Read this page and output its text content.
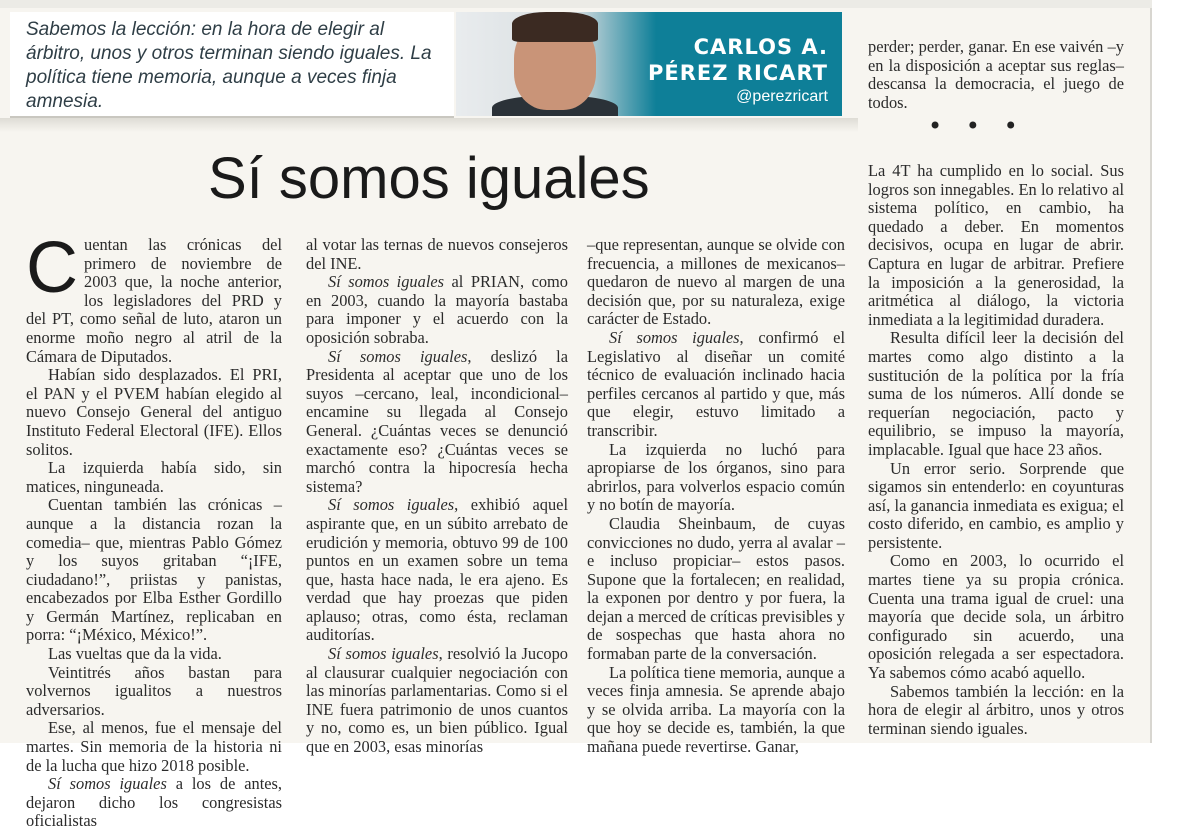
Sabemos la lección: en la hora de elegir al árbitro, unos y otros terminan siendo iguales. La política tiene memoria, aunque a veces finja amnesia.

CARLOS A.
PÉREZ RICART
@perezricart
Sí somos iguales

Cuentan las crónicas del primero de noviembre de 2003 que, la noche anterior, los legisladores del PRD y del PT, como señal de luto, ataron un enorme moño negro al atril de la Cámara de Diputados.

Habían sido desplazados. El PRI, el PAN y el PVEM habían elegido al nuevo Consejo General del antiguo Instituto Federal Electoral (IFE). Ellos solitos.

La izquierda había sido, sin matices, ninguneada.

Cuentan también las crónicas –aunque a la distancia rozan la comedia– que, mientras Pablo Gómez y los suyos gritaban “¡IFE, ciudadano!”, priistas y panistas, encabezados por Elba Esther Gordillo y Germán Martínez, replicaban en porra: “¡México, México!”.

Las vueltas que da la vida.

Veintitrés años bastan para volvernos igualitos a nuestros adversarios.

Ese, al menos, fue el mensaje del martes. Sin memoria de la historia ni de la lucha que hizo 2018 posible.

Sí somos iguales a los de antes, dejaron dicho los congresistas oficialistas

al votar las ternas de nuevos consejeros del INE.

Sí somos iguales al PRIAN, como en 2003, cuando la mayoría bastaba para imponer y el acuerdo con la oposición sobraba.

Sí somos iguales, deslizó la Presidenta al aceptar que uno de los suyos –cercano, leal, incondicional– encamine su llegada al Consejo General. ¿Cuántas veces se denunció exactamente eso? ¿Cuántas veces se marchó contra la hipocresía hecha sistema?

Sí somos iguales, exhibió aquel aspirante que, en un súbito arrebato de erudición y memoria, obtuvo 99 de 100 puntos en un examen sobre un tema que, hasta hace nada, le era ajeno. Es verdad que hay proezas que piden aplauso; otras, como ésta, reclaman auditorías.

Sí somos iguales, resolvió la Jucopo al clausurar cualquier negociación con las minorías parlamentarias. Como si el INE fuera patrimonio de unos cuantos y no, como es, un bien público. Igual que en 2003, esas minorías

–que representan, aunque se olvide con frecuencia, a millones de mexicanos– quedaron de nuevo al margen de una decisión que, por su naturaleza, exige carácter de Estado.

Sí somos iguales, confirmó el Legislativo al diseñar un comité técnico de evaluación inclinado hacia perfiles cercanos al partido y que, más que elegir, estuvo limitado a transcribir.

La izquierda no luchó para apropiarse de los órganos, sino para abrirlos, para volverlos espacio común y no botín de mayoría.

Claudia Sheinbaum, de cuyas convicciones no dudo, yerra al avalar –e incluso propiciar– estos pasos. Supone que la fortalecen; en realidad, la exponen por dentro y por fuera, la dejan a merced de críticas previsibles y de sospechas que hasta ahora no formaban parte de la conversación.

La política tiene memoria, aunque a veces finja amnesia. Se aprende abajo y se olvida arriba. La mayoría con la que hoy se decide es, también, la que mañana puede revertirse. Ganar,

perder; perder, ganar. En ese vaivén –y en la disposición a aceptar sus reglas– descansa la democracia, el juego de todos.

• • •

La 4T ha cumplido en lo social. Sus logros son innegables. En lo relativo al sistema político, en cambio, ha quedado a deber. En momentos decisivos, ocupa en lugar de abrir. Captura en lugar de arbitrar. Prefiere la imposición a la generosidad, la aritmética al diálogo, la victoria inmediata a la legitimidad duradera.

Resulta difícil leer la decisión del martes como algo distinto a la sustitución de la política por la fría suma de los números. Allí donde se requerían negociación, pacto y equilibrio, se impuso la mayoría, implacable. Igual que hace 23 años.

Un error serio. Sorprende que sigamos sin entenderlo: en coyunturas así, la ganancia inmediata es exigua; el costo diferido, en cambio, es amplio y persistente.

Como en 2003, lo ocurrido el martes tiene ya su propia crónica. Cuenta una trama igual de cruel: una mayoría que decide sola, un árbitro configurado sin acuerdo, una oposición relegada a ser espectadora. Ya sabemos cómo acabó aquello.

Sabemos también la lección: en la hora de elegir al árbitro, unos y otros terminan siendo iguales.
